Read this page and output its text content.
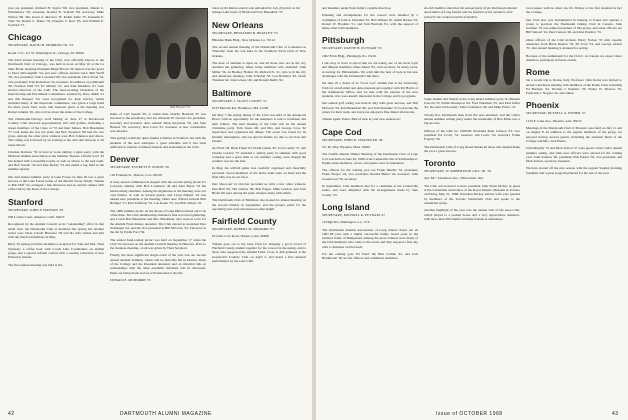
year are president, Richard H. Saylor '66; vice president, Daniel C. Whittemore '59; treasurer, Ronald B. Schram '60; secretary, Mike Wilson '66. The board of directors: H. Rollin Allen '37, Kenneth E. Tidd '50, Robert C. Baker '70, Douglas S. Kerr '65, and William E. Scollard '57.

Chicago

SECRETARY, DAVID H. MORROW JR. '53

Room 1711, 111 W. Washington St., Chicago, Ill. 60602

The 92nd annual meeting of the Club, now officially known as the Dartmouth Club of Chicago, was held at noon on May 16 at the La Salle Hotel. Retiring President Hugh Brown '56 turned over the gavel to Dave McLaughlin '54, and new officers elected were: Phil Wolff '56, vice president; John Loveland '60, vice president; Dave Wood '54, vice president; Tom Robertson '54, treasurer. In addition, Lyn Mitchell '60, Norman Stith '53, Ev Mullan '47, and Sam Madeline '61 were elected directors of the Club. The hard-working Chairman of the Interviewing and Enrollment Committees, assisted by Dave Smith '51 and Jim Ruppert '63, were recognized for their service, which included many of the important committees, was given a large hand for three years' hard work. Our honored guest at the meeting was Robert Jenkins '26, who told us about the status of the College.

The Dartmouth-Chicago Golf Outing on June 27 at Knollwood Country Club attracted approximately 100 avid golfers, including a dozen members of the Class of '72 and their fathers. Bob Bruckman '57 took home the low net prize and Bob Swanson '68 had the low gross. Among the other prize winners were Bob Johnston and others. The outing was followed by an evening at the club that lived up to all expectations.

Chuckle Davison '56 is hard at work pulling a giant party with the Midwest Alumni Association at the Summer Theatre. Charlie Scott '43 has helped with a beautiful trophy as well as advice to the best team, and Bob Tonder '56 and Pete Reddy '54 and ended a big field in the summer quarter.

Our 2nd annual summer party at Lake Forest on June 29 was a great success at the Lake Forest home of the Merrill Sweet family. Thanks to Bob Hoff '52, arranged a fine afternoon and an outdoor dinner with a fine talk by the Dean of the College.

Stanford

SECRETARY, JOHN F. HANSON '59

638 Loretta Court, Atherton, Calif. 94027

Recognized by the Alumni Council as its "outstanding" effort in that small club, the Dartmouth Club at Stanford this spring has another active year. Dean Carroll Brewster '58 and his wife visited and met with the Stanford members in May.

Riley '61 spring activities included a reception for Tom and Mrs. Thad Seymour, a coffee hour with Coach Jake Crouthamel, an alumni group, and a special softball contest with a rousing collection of new Princeton friends.

The first annual meeting was held at the

Bud Falcone '54

home of Carl Speeth '29, at which time Charlie Hoerlein '67 was elevated to the presidency and Joe Albrecht '67 elected vice president, secretary and treasurer. Also named: Mark Reynolds '59, and John Hanson '59, secretary; Don Carol '61, treasurer. A new constitution was adopted.

This spring's relatively quiet alumni activities in Stanford, but with the students of the area anticipate a great schedule and it has been sufficient to interest continued interest and leadership in the Club.

Denver

SECRETARY, EVERETT E. FOOSE '36

120 Franklin St., Denver, Colo. 80218

A busy season culminated in August with the second spring picnic for Colorado alumni, with Bob Lorentzen '46 and Alex Bayer '53 the hardworking chairmen. Among the dignitaries at the meeting were our own fathers, as well as several guests, and Lloyd Neimer '24 was named new president at the meeting. Other new officers include Bob Bolliger '51, Paul Tollefson '54, Lou Rader '55, and Bob Gilbert '41.

The 1968 summer picnic on the shores of Lake Dillon turned out to be a fine time. The Club membership attended a fine recovered gathering, and Coach Bob Blackman and Mrs. Blackman, who were in town for the Alumni Fund dinner, attended. The Club elected as president Pete Nothnagel '42, and the vice president is Bill McGraw '54, followed on the list by Eddie Ford '59.

The annual fund-raising picnic was held on September 17 when the Club '62 reported on the Alumni Council meeting in Hanover. Prior to the business meeting, a talk was given by Thad Seymour.

Finally, the most significant single event of the year was our second annual Alumni Seminar, which will be held this fall in Denver. Dean of the College and the President attended, and an informal talk on relationships with the other academic divisions will be discussed. Plans are being made and we will announce it shortly.

DONALD E. MCMORRIS '55

Some of the Maine alumni who attended the July 20 picnic at the Sebago Lake home of Heidi and Fran Beaudette '35.
New Orleans

SECRETARY, BENJAMIN B. HEATLEY '55

Hibernia Bank Bldg., New Orleans, La. 70112

The second annual meeting of the Dartmouth Club of Louisiana on Thursday, June 26, was held in the Southern Yacht Club of New Orleans.

The hour of summer is upon us, and all those who are in the city attended the gathering. Other lucky members who attended: John Miller '36, Al Bradley Hollen '29, Richard N. '21, who is in the city and attend the meeting, John Schrabel '53, Lou Hollister '63, Norm Tinsman '42, John Gloess '40, and Ronald Reilly '62.

Baltimore

SECRETARY, J. SCOTT CUDDY '57

6133 Bertram Rd., Baltimore, Md. 21204

On May 7 the spring dinner of the Club was held at the Annapolis Hotel, with an opportunity for the members to talk to freshmen and their fathers. The next meeting of the Club will be the annual Christmas party. Tom Jones, Mr. and Mrs. and George Coxe '62 supervised and organized the dinner. The event was noted for its friendly atmosphere, and our special thanks are due to our host and friends.

Art Field '58, Buck Frank '63, Frank Cullen '65, Scott Cuddy '57, and Charlie Gordon '57 attended a sailing party in summer with good company and a great time at our summer outing, even though the weather was not the best.

In May, the softball game was carefully organized and cheerfully executed. Seven members of the home team were on hand and the final tally was in our favor.

Our 'shoot-out' in October provided us with a few other winners. Dan Hall '62, Jim Gibson '66, Bob Fagan, Mike Gordon, and Tom Brash '66 were among the prize winners along with others.

The Dartmouth Club of Baltimore also hosted its annual meeting on the second Sunday in September, and the group's plans for the upcoming year were discussed at some length.

Fairfield County

SECRETARY, ROBERT M. HOWARD '57

62 Glen Cove Road, Darien, Conn. 06820

Thanks goes out to the Glee Club for bringing a good crowd of Fairfield County alumni together for the concert in the spring, and to those who supported the Alumni Fund. Close to 400 gathered at the Greenwich Country Club on April 2, and heard a fine musical performance by the Glee Club,

42	DARTMOUTH ALUMNI MAGAZINE

and Islanders under Paul Zeller's capable direction.

Planning and arrangements for the concert were handled by a committee of John A. Donohue '61, Bob Walters '61, Keith Barnes '52, Robert W. Hopkins '51, and Tom Bartram '61, with the support of many other Club members.

Pittsburgh

SECRETARY, WAYNE H. PUTNAM '53

1902 Frick Bldg., Pittsburgh, Pa. 15219

I am sorry to have to report that we are losing one of our most loyal and diligent members. Dane Ahern '65, club secretary for many years, is leaving for Philadelphia. We wish him the best of luck in his new challenges with the Dartmouth Club there.

On June 25 a dozen of us "local cool" alumni met at the University Club for an informal and quite pleasant get-together with Pat Harris of the Admissions Office, and we met with the parents of the new students, who were keenly interested in the College and its programs.

Our annual golf outing was held in July with great success, and Tim McGraw '56, Rod Beaumont '60, and Tom Donahue '57 took home the prizes for their team, and everyone enjoyed a fine dinner afterwards.

Thanks again, Potter. Best of luck in your new endeavors!

Cape Cod

SECRETARY, JOHN R. CHANDLER '38

Ch. Rt. 28A, Hyannis, Mass. 02601

The twelfth Annual Dinner Meeting of the Dartmouth Club of Cape Cod was held on June 26, 1968 at the Centerville Inn in Yarmouthport. Eighty-three members, wives, and guests were in attendance.

The officers for the coming year are Frank Shields '33, president; Frank Shoyer '24, vice president; Roland Butler '24, treasurer; John Greenwood '36, secretary.

In September, Club members met for a clambake at the Centerville estate, and were delighted with the arrangements made by Stan Conley '55.

Long Island

SECRETARY, MICHAEL R. PUTNAM '47

10 High Rd., Huntington, L.I., N.Y.

The Dartmouth Alumni Association of Long Island closed out its 1967-68 year with a highly successful family beach party in the Gulliver home of Hampstead. Among the prize winners were many of the Club members who came to the event, and they enjoyed a fine day with a clambake on the beach.

For the coming year, Ed Ward '49, Bud Collins '42, and Jack Heidbreder '56 are the officers and committee members.

An old tradition shared at the annual party of the Dartmouth Alumni Association of Long Island, and the families of the members were joined in the cookout and the festivities.

Some alumni and friends at the Long Island summer party: R. Bennett Lincoln '55, Salim Davenport '64, Fred Waldman '35, and Paul Zeller '42, the Glee Club leader; John Cornellson '29, and Mike Prince '47.

Twenty-five Dartmouth men from the area attended, and the Club's annual summer sailing party under the leadership of Ben Kline was a big success.

Officers of the Club for 1968-69: President Peter Jackson '53, vice president Ed Crotty '52, treasurer Jim Lewis '54, secretary Frank Fogarty '59.

The Dartmouth Club of Long Island thanks all those who helped make the year a great success.

Toronto

SECRETARY, W. ROBERTSON GILL JR. '59

Apt. 827, Lakeshore Ave., Willowdale, Ont.

The Club was honored to have president John Sloan Dickey as guest at the Centennial observance of the Royal Ontario Museum in Toronto on Friday, May 31, 1968. President Dickey and his wife were greeted by members of the Toronto Dartmouth Club and spoke to the assembled group.

Another highlight of the year was the annual visit of the Glee Club, which played to a packed house and a very appreciative audience, with more than 300 alumni and their friends in attendance.

local papers with no direct tie. Dr. Dickey or the five students in fact the College.

Our Club also was instrumental in helping to found and operate a group to promote the Dartmouth Outing Club in Canada. John Gorman '33 was named president of this group, and other officers are Bill Stewart '42, Paul Cannon '40, and Ron Prentice '55.

Other officers of the Club include: Harry Forbes '35 with capable assistance from Brian Denton '53, Ed Scott '54, and George Abbott '35. Our annual meeting is planned for spring.

Because of the enthusiasm for the D.O.C. in Canada we expect more alumni to participate in future events.

Rome

On a recent trip to Rome, Italy, Professor John Kerns was invited to attend a luncheon meeting with members of the Rome Club, including Ed Buckley '24, Thomas J. Palermo '39, Walter W. Monroe '52, Frederick J. Nogara '42, and others.

Phoenix

SECRETARY, RUSSELL A. FISHER '57

1219 E. Lake Ave., Phoenix, Ariz. 85015

Meetings of the Dartmouth Club of Phoenix were held on July 11 and on August 8. In addition to the regular members of the group, we enjoyed having several guests, including the assistant Dean of the College and Mrs. Jack Harris.

John Murphy '31 and Dick Sexton '57 were guests at the Club's annual summer outing, and other new officers were elected for the coming year: John Sanders '40, president; Bob Parker '56, vice president; and Dick Sexton, secretary-treasurer.

We have started off the new season with the regular Sunday morning breakfast and a great program planned for the rest of the year.

Issue of OCTOBER 1968	43
